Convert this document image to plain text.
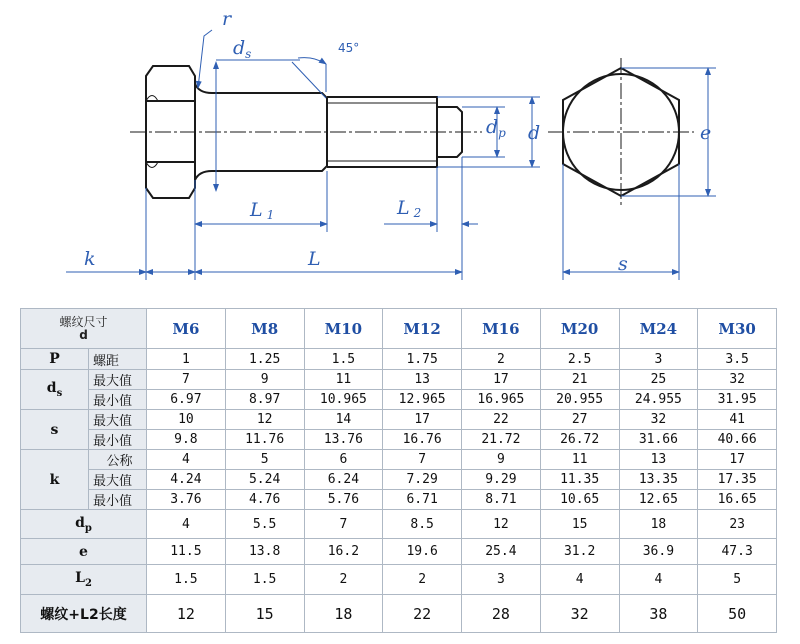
r
$d_s$	45°
$d_p$ d	e
L 1	L 2
k	L	s
螺纹尺寸
d		M6	M8	M10	M12	M16	M20	M24	M30
P	螺距	1	1.25	1.5	1.75	2	2.5	3	3.5
$d_s$	最大值	7	9	11	13	17	21	25	32
	最小值	6.97	8.97	10.965	12.965	16.965	20.955	24.955	31.95
s	最大值	10	12	14	17	22	27	32	41
	最小值	9.8	11.76	13.76	16.76	21.72	26.72	31.66	40.66
k	公称	4	5	6	7	9	11	13	17
	最大值	4.24	5.24	6.24	7.29	9.29	11.35	13.35	17.35
	最小值	3.76	4.76	5.76	6.71	8.71	10.65	12.65	16.65
$d_p$		4	5.5	7	8.5	12	15	18	23
e		11.5	13.8	16.2	19.6	25.4	31.2	36.9	47.3
$L_2$		1.5	1.5	2	2	3	4	4	5
螺纹+L2长度		12	15	18	22	28	32	38	50
